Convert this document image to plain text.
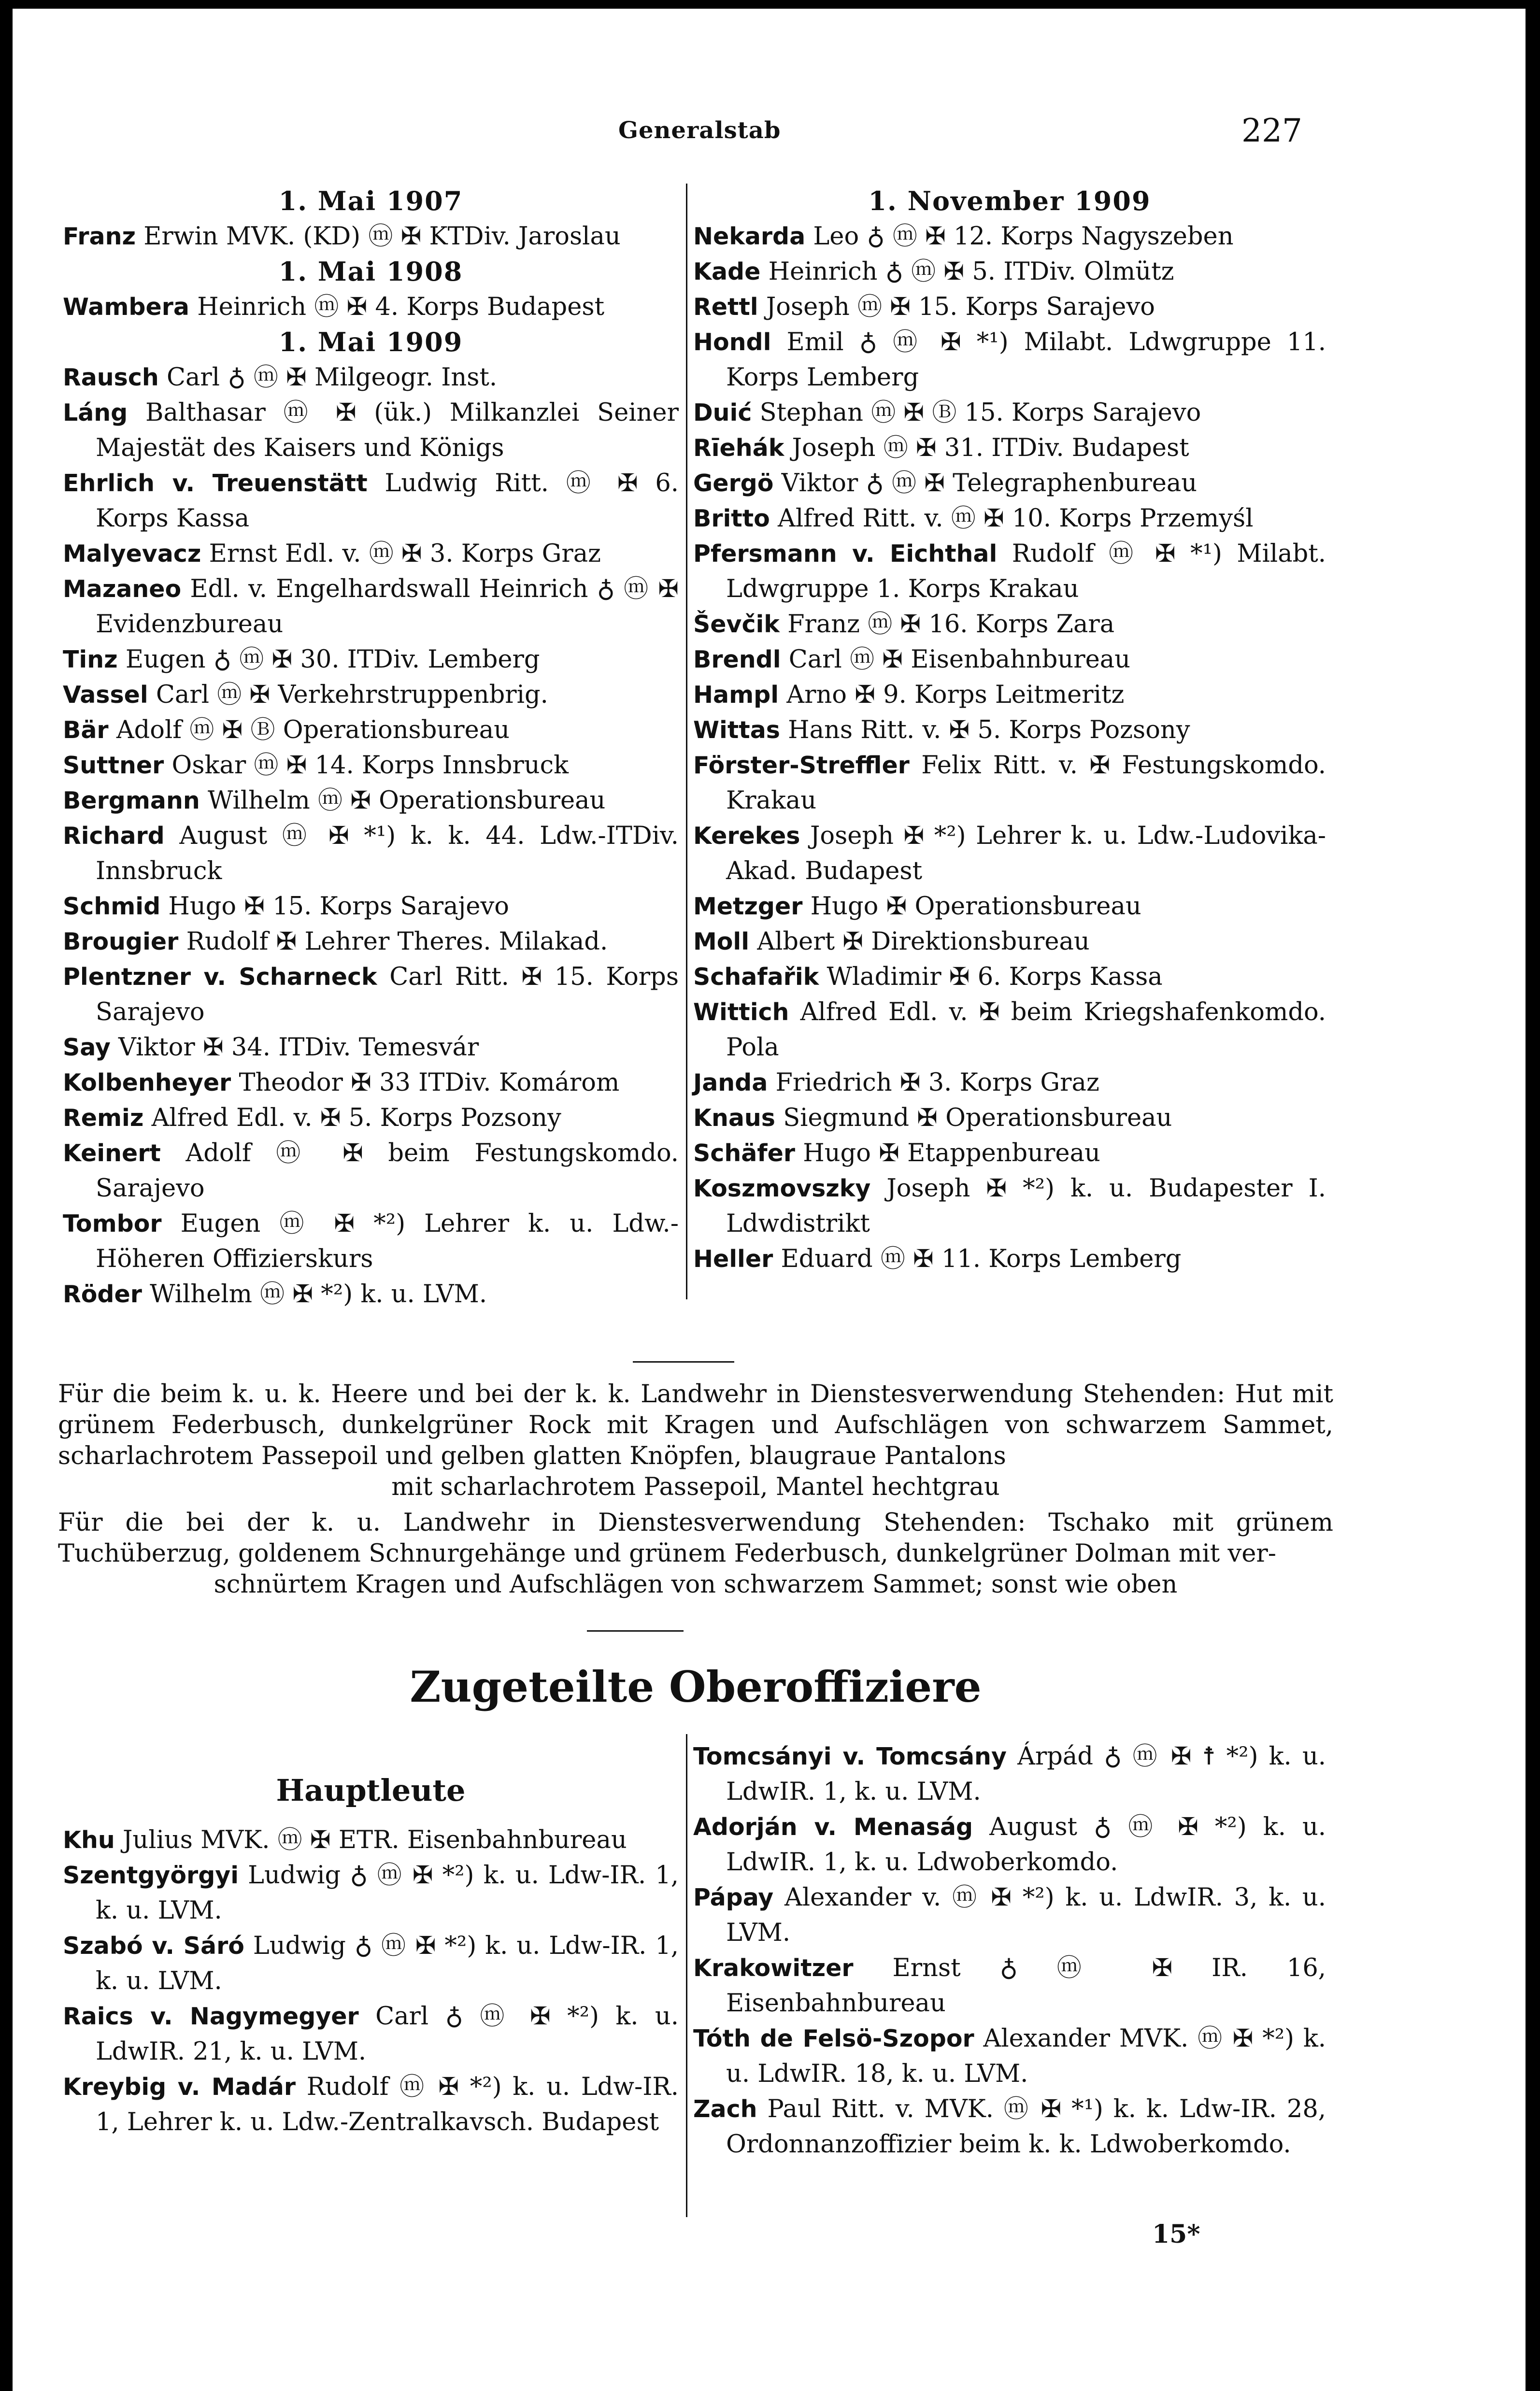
Generalstab	227
1. Mai 1907
Franz Erwin MVK. (KD) ⓜ ✠ KTDiv. Jaroslau
1. Mai 1908
Wambera Heinrich ⓜ ✠ 4. Korps Budapest
1. Mai 1909
Rausch Carl ♁ ⓜ ✠ Milgeogr. Inst.
Láng Balthasar ⓜ ✠ (ük.) Milkanzlei Seiner Majestät des Kaisers und Königs
Ehrlich v. Treuenstätt Ludwig Ritt. ⓜ ✠ 6. Korps Kassa
Malyevacz Ernst Edl. v. ⓜ ✠ 3. Korps Graz
Mazaneo Edl. v. Engelhardswall Heinrich ♁ ⓜ ✠ Evidenzbureau
Tinz Eugen ♁ ⓜ ✠ 30. ITDiv. Lemberg
Vassel Carl ⓜ ✠ Verkehrstruppenbrig.
Bär Adolf ⓜ ✠ Ⓑ Operationsbureau
Suttner Oskar ⓜ ✠ 14. Korps Innsbruck
Bergmann Wilhelm ⓜ ✠ Operationsbureau
Richard August ⓜ ✠ *¹) k. k. 44. Ldw.-ITDiv. Innsbruck
Schmid Hugo ✠ 15. Korps Sarajevo
Brougier Rudolf ✠ Lehrer Theres. Milakad.
Plentzner v. Scharneck Carl Ritt. ✠ 15. Korps Sarajevo
Say Viktor ✠ 34. ITDiv. Temesvár
Kolbenheyer Theodor ✠ 33 ITDiv. Komárom
Remiz Alfred Edl. v. ✠ 5. Korps Pozsony
Keinert Adolf ⓜ ✠ beim Festungskomdo. Sarajevo
Tombor Eugen ⓜ ✠ *²) Lehrer k. u. Ldw.-Höheren Offizierskurs
Röder Wilhelm ⓜ ✠ *²) k. u. LVM.
1. November 1909
Nekarda Leo ♁ ⓜ ✠ 12. Korps Nagyszeben
Kade Heinrich ♁ ⓜ ✠ 5. ITDiv. Olmütz
Rettl Joseph ⓜ ✠ 15. Korps Sarajevo
Hondl Emil ♁ ⓜ ✠ *¹) Milabt. Ldwgruppe 11. Korps Lemberg
Duić Stephan ⓜ ✠ Ⓑ 15. Korps Sarajevo
Rīehák Joseph ⓜ ✠ 31. ITDiv. Budapest
Gergö Viktor ♁ ⓜ ✠ Telegraphenbureau
Britto Alfred Ritt. v. ⓜ ✠ 10. Korps Przemyśl
Pfersmann v. Eichthal Rudolf ⓜ ✠ *¹) Milabt. Ldwgruppe 1. Korps Krakau
Ševčik Franz ⓜ ✠ 16. Korps Zara
Brendl Carl ⓜ ✠ Eisenbahnbureau
Hampl Arno ✠ 9. Korps Leitmeritz
Wittas Hans Ritt. v. ✠ 5. Korps Pozsony
Förster-Streffler Felix Ritt. v. ✠ Festungskomdo. Krakau
Kerekes Joseph ✠ *²) Lehrer k. u. Ldw.-Ludovika-Akad. Budapest
Metzger Hugo ✠ Operationsbureau
Moll Albert ✠ Direktionsbureau
Schafařik Wladimir ✠ 6. Korps Kassa
Wittich Alfred Edl. v. ✠ beim Kriegshafenkomdo. Pola
Janda Friedrich ✠ 3. Korps Graz
Knaus Siegmund ✠ Operationsbureau
Schäfer Hugo ✠ Etappenbureau
Koszmovszky Joseph ✠ *²) k. u. Budapester I. Ldwdistrikt
Heller Eduard ⓜ ✠ 11. Korps Lemberg
Für die beim k. u. k. Heere und bei der k. k. Landwehr in Dienstesverwendung Stehenden: Hut mit grünem Federbusch, dunkelgrüner Rock mit Kragen und Aufschlägen von schwarzem Sammet, scharlachrotem Passepoil und gelben glatten Knöpfen, blaugraue Pantalons
mit scharlachrotem Passepoil, Mantel hechtgrau
Für die bei der k. u. Landwehr in Dienstesverwendung Stehenden: Tschako mit grünem Tuchüberzug, goldenem Schnurgehänge und grünem Federbusch, dunkelgrüner Dolman mit ver-
schnürtem Kragen und Aufschlägen von schwarzem Sammet; sonst wie oben
Zugeteilte Oberoffiziere
Hauptleute
Khu Julius MVK. ⓜ ✠ ETR. Eisenbahnbureau
Szentgyörgyi Ludwig ♁ ⓜ ✠ *²) k. u. Ldw-IR. 1, k. u. LVM.
Szabó v. Sáró Ludwig ♁ ⓜ ✠ *²) k. u. Ldw-IR. 1, k. u. LVM.
Raics v. Nagymegyer Carl ♁ ⓜ ✠ *²) k. u. LdwIR. 21, k. u. LVM.
Kreybig v. Madár Rudolf ⓜ ✠ *²) k. u. Ldw-IR. 1, Lehrer k. u. Ldw.-Zentralkavsch. Budapest
Tomcsányi v. Tomcsány Árpád ♁ ⓜ ✠ ☨ *²) k. u. LdwIR. 1, k. u. LVM.
Adorján v. Menaság August ♁ ⓜ ✠ *²) k. u. LdwIR. 1, k. u. Ldwoberkomdo.
Pápay Alexander v. ⓜ ✠ *²) k. u. LdwIR. 3, k. u. LVM.
Krakowitzer Ernst ♁ ⓜ ✠ IR. 16, Eisenbahnbureau
Tóth de Felsö-Szopor Alexander MVK. ⓜ ✠ *²) k. u. LdwIR. 18, k. u. LVM.
Zach Paul Ritt. v. MVK. ⓜ ✠ *¹) k. k. Ldw-IR. 28, Ordonnanzoffizier beim k. k. Ldwoberkomdo.
15*
